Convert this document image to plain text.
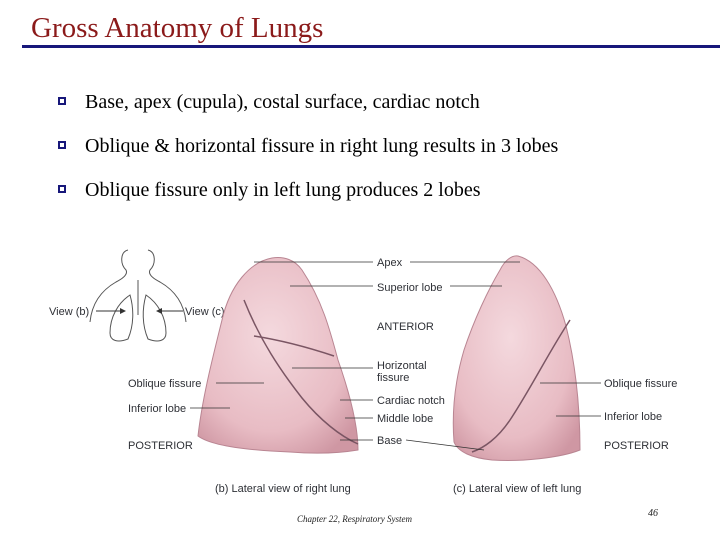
Gross Anatomy of Lungs
Base, apex (cupula), costal surface, cardiac notch
Oblique & horizontal fissure in right lung results in 3 lobes
Oblique fissure only in left lung produces 2 lobes
View (b)	View (c)
Apex
Superior lobe
ANTERIOR
Horizontal
fissure
Cardiac notch
Middle lobe
Base
Oblique fissure
Inferior lobe
POSTERIOR
Oblique fissure
Inferior lobe
POSTERIOR
(b) Lateral view of right lung	(c) Lateral view of left lung
Chapter 22, Respiratory System	46
